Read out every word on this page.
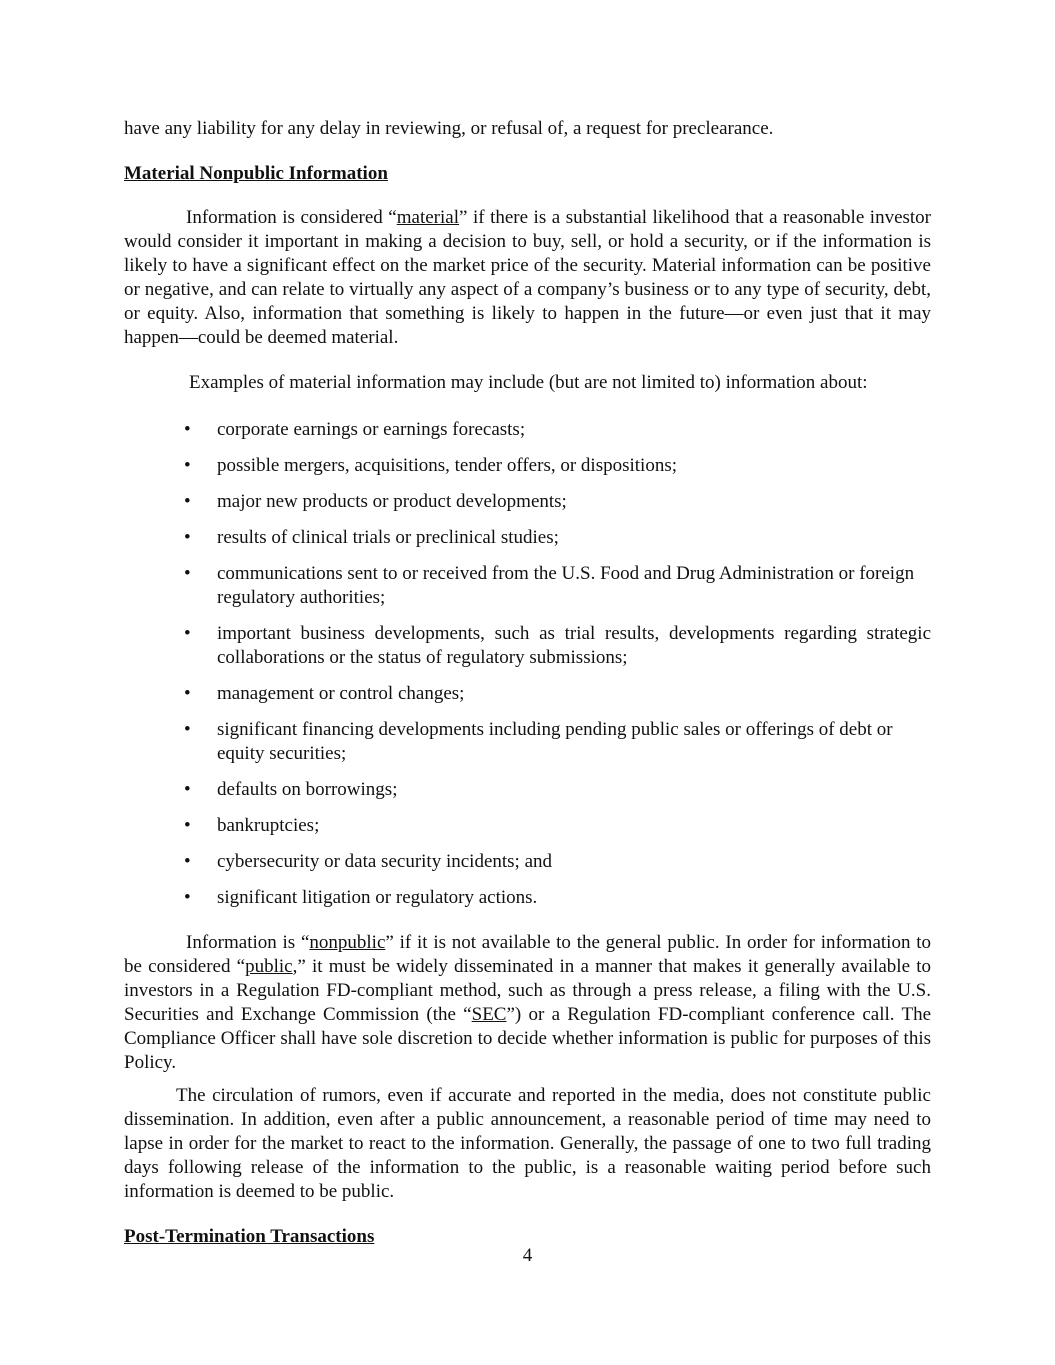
have any liability for any delay in reviewing, or refusal of, a request for preclearance.

Material Nonpublic Information

Information is considered “material” if there is a substantial likelihood that a reasonable investor would consider it important in making a decision to buy, sell, or hold a security, or if the information is likely to have a significant effect on the market price of the security. Material information can be positive or negative, and can relate to virtually any aspect of a company’s business or to any type of security, debt, or equity. Also, information that something is likely to happen in the future—or even just that it may happen—could be deemed material.

Examples of material information may include (but are not limited to) information about:

• corporate earnings or earnings forecasts;
• possible mergers, acquisitions, tender offers, or dispositions;
• major new products or product developments;
• results of clinical trials or preclinical studies;
• communications sent to or received from the U.S. Food and Drug Administration or foreign regulatory authorities;
• important business developments, such as trial results, developments regarding strategic collaborations or the status of regulatory submissions;
• management or control changes;
• significant financing developments including pending public sales or offerings of debt or equity securities;
• defaults on borrowings;
• bankruptcies;
• cybersecurity or data security incidents; and
• significant litigation or regulatory actions.

Information is “nonpublic” if it is not available to the general public. In order for information to be considered “public,” it must be widely disseminated in a manner that makes it generally available to investors in a Regulation FD-compliant method, such as through a press release, a filing with the U.S. Securities and Exchange Commission (the “SEC”) or a Regulation FD-compliant conference call. The Compliance Officer shall have sole discretion to decide whether information is public for purposes of this Policy.

The circulation of rumors, even if accurate and reported in the media, does not constitute public dissemination. In addition, even after a public announcement, a reasonable period of time may need to lapse in order for the market to react to the information. Generally, the passage of one to two full trading days following release of the information to the public, is a reasonable waiting period before such information is deemed to be public.

Post-Termination Transactions

4
